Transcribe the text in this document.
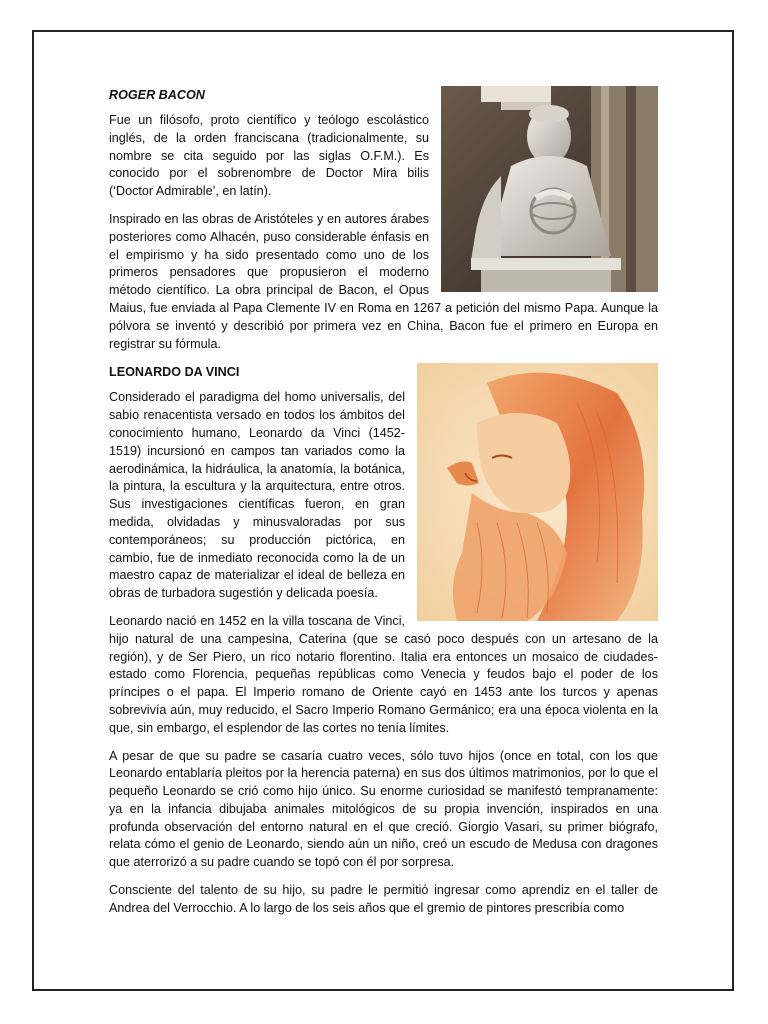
ROGER BACON

Fue un filósofo, proto científico y teólogo escolástico inglés, de la orden franciscana (tradicionalmente, su nombre se cita seguido por las siglas O.F.M.). Es conocido por el sobrenombre de Doctor Mira bilis (‘Doctor Admirable’, en latín).

Inspirado en las obras de Aristóteles y en autores árabes posteriores como Alhacén, puso considerable énfasis en el empirismo y ha sido presentado como uno de los primeros pensadores que propusieron el moderno método científico. La obra principal de Bacon, el Opus Maius, fue enviada al Papa Clemente IV en Roma en 1267 a petición del mismo Papa. Aunque la pólvora se inventó y describió por primera vez en China, Bacon fue el primero en Europa en registrar su fórmula.

LEONARDO DA VINCI

Considerado el paradigma del homo universalis, del sabio renacentista versado en todos los ámbitos del conocimiento humano, Leonardo da Vinci (1452-1519) incursionó en campos tan variados como la aerodinámica, la hidráulica, la anatomía, la botánica, la pintura, la escultura y la arquitectura, entre otros. Sus investigaciones científicas fueron, en gran medida, olvidadas y minusvaloradas por sus contemporáneos; su producción pictórica, en cambio, fue de inmediato reconocida como la de un maestro capaz de materializar el ideal de belleza en obras de turbadora sugestión y delicada poesía.

Leonardo nació en 1452 en la villa toscana de Vinci, hijo natural de una campesina, Caterina (que se casó poco después con un artesano de la región), y de Ser Piero, un rico notario florentino. Italia era entonces un mosaico de ciudades-estado como Florencia, pequeñas repúblicas como Venecia y feudos bajo el poder de los príncipes o el papa. El Imperio romano de Oriente cayó en 1453 ante los turcos y apenas sobrevivía aún, muy reducido, el Sacro Imperio Romano Germánico; era una época violenta en la que, sin embargo, el esplendor de las cortes no tenía límites.

A pesar de que su padre se casaría cuatro veces, sólo tuvo hijos (once en total, con los que Leonardo entablaría pleitos por la herencia paterna) en sus dos últimos matrimonios, por lo que el pequeño Leonardo se crió como hijo único. Su enorme curiosidad se manifestó tempranamente: ya en la infancia dibujaba animales mitológicos de su propia invención, inspirados en una profunda observación del entorno natural en el que creció. Giorgio Vasari, su primer biógrafo, relata cómo el genio de Leonardo, siendo aún un niño, creó un escudo de Medusa con dragones que aterrorizó a su padre cuando se topó con él por sorpresa.

Consciente del talento de su hijo, su padre le permitió ingresar como aprendiz en el taller de Andrea del Verrocchio. A lo largo de los seis años que el gremio de pintores prescribía como
